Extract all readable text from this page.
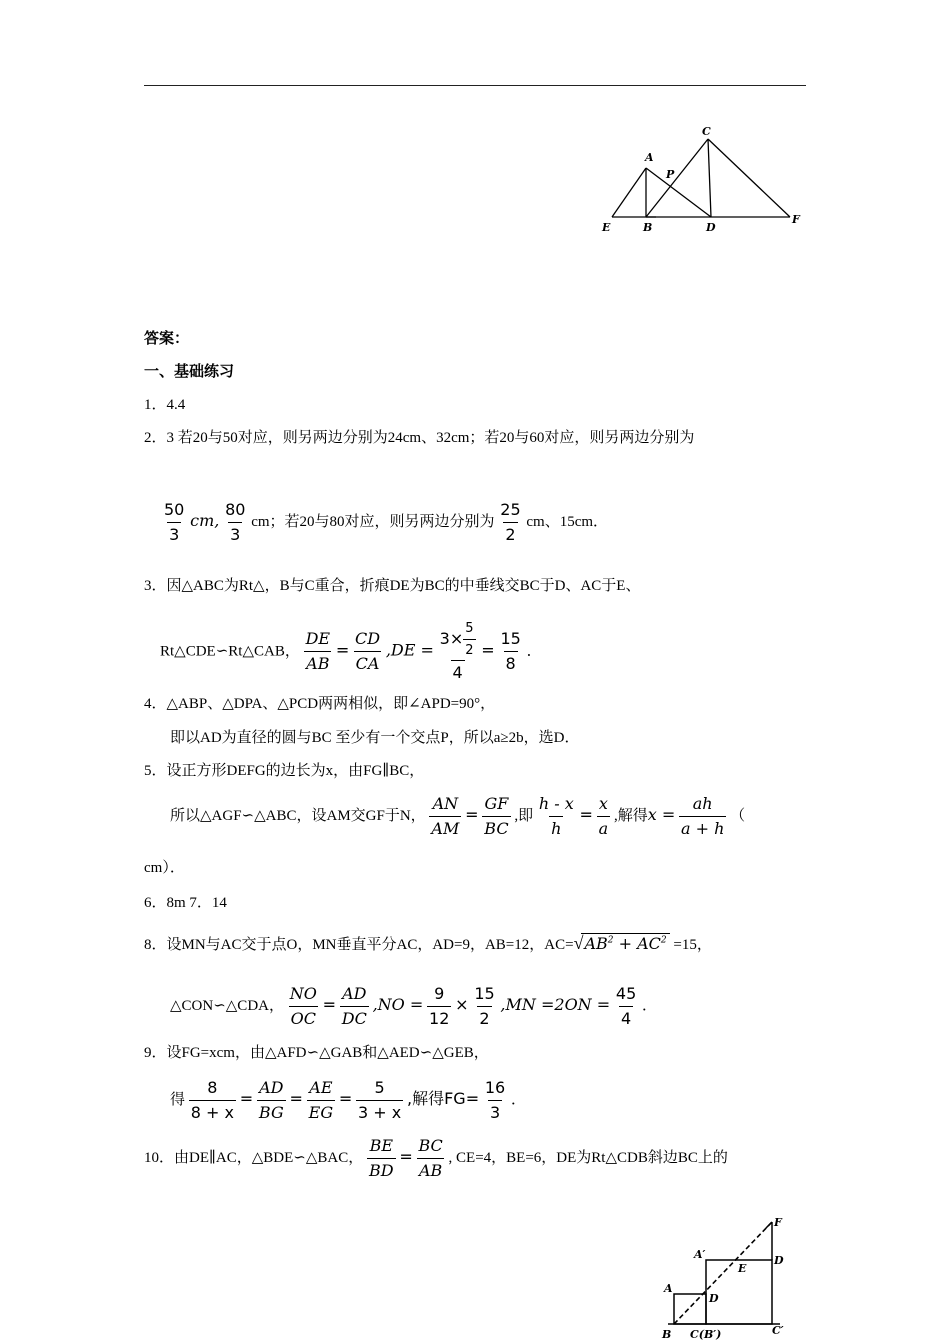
A
B
C
D
E
F
P
答案：
一、基础练习
1．4.4
2．3 若20与50对应，则另两边分别为24cm、32cm；若20与60对应，则另两边分别为
$\frac{50}{3}$ cm, $\frac{80}{3}$ cm；若20与80对应，则另两边分别为 $\frac{25}{2}$ cm、15cm．
3．因△ABC为Rt△，B与C重合，折痕DE为BC的中垂线交BC于D、AC于E、
Rt△CDE∽Rt△CAB， $\frac{DE}{AB} = \frac{CD}{CA} ,DE = \frac{3\times \frac{5}{2}}{4} = \frac{15}{8}$ ．
4．△ABP、△DPA、△PCD两两相似，即∠APD=90°，
即以AD为直径的圆与BC 至少有一个交点P，所以a≥2b，选D．
5．设正方形DEFG的边长为x，由FG∥BC，
所以△AGF∽△ABC，设AM交GF于N， $\frac{AN}{AM} = \frac{GF}{BC}$ ,即 $\frac{h - x}{h} = \frac{x}{a}$ ,解得$x = \frac{ah}{a + h}$ （
cm）．
6．8m 7．14
8．设MN与AC交于点O，MN垂直平分AC，AD=9，AB=12，$AC=√AB^2 + AC^2 =15$，
△CON∽△CDA， $\frac{NO}{OC} = \frac{AD}{DC} ,NO = \frac{9}{12} \times \frac{15}{2} ,MN =2ON = \frac{45}{4}$ ．
9．设FG=xcm，由△AFD∽△GAB和△AED∽△GEB，
得 $\frac{8}{8 + x} = \frac{AD}{BG} = \frac{AE}{EG} = \frac{5}{3 + x}$ ,解得$FG= \frac{16}{3}$ ．
10．由DE∥AC，△BDE∽△BAC， $\frac{BE}{BD} = \frac{BC}{AB}$ , CE=4，BE=6，DE为Rt△CDB斜边BC上的
A
B C(B′)
A′
C′
D
D
E
F
